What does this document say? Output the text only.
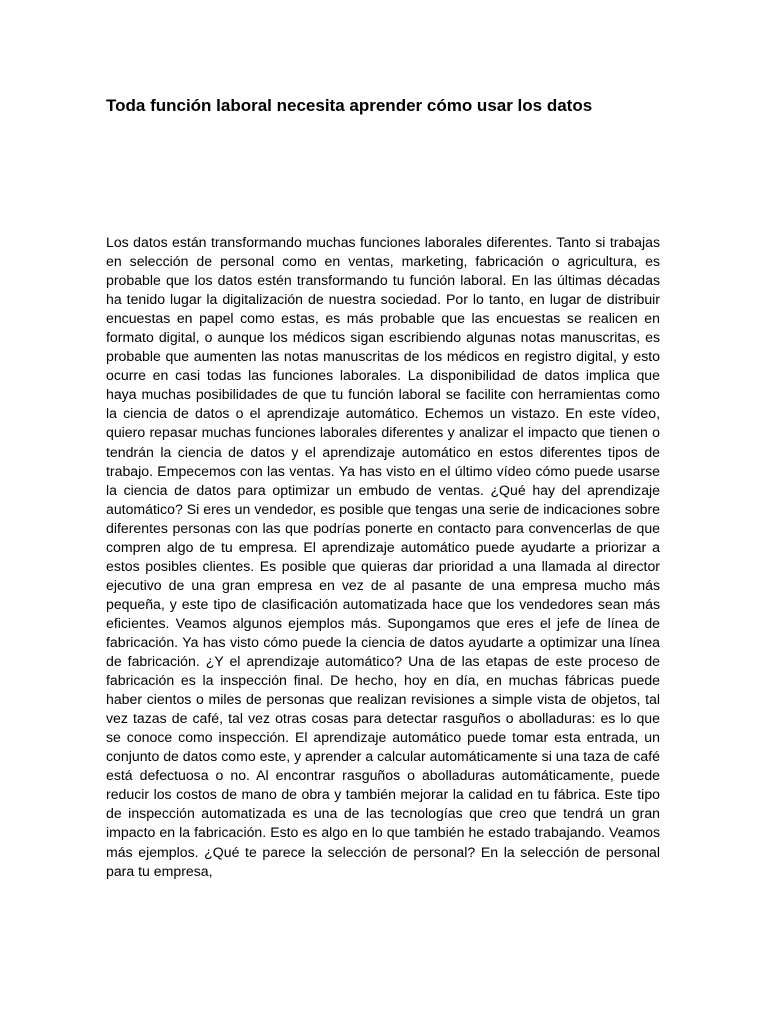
Toda función laboral necesita aprender cómo usar los datos

Los datos están transformando muchas funciones laborales diferentes. Tanto si trabajas en selección de personal como en ventas, marketing, fabricación o agricultura, es probable que los datos estén transformando tu función laboral. En las últimas décadas ha tenido lugar la digitalización de nuestra sociedad. Por lo tanto, en lugar de distribuir encuestas en papel como estas, es más probable que las encuestas se realicen en formato digital, o aunque los médicos sigan escribiendo algunas notas manuscritas, es probable que aumenten las notas manuscritas de los médicos en registro digital, y esto ocurre en casi todas las funciones laborales. La disponibilidad de datos implica que haya muchas posibilidades de que tu función laboral se facilite con herramientas como la ciencia de datos o el aprendizaje automático. Echemos un vistazo. En este vídeo, quiero repasar muchas funciones laborales diferentes y analizar el impacto que tienen o tendrán la ciencia de datos y el aprendizaje automático en estos diferentes tipos de trabajo. Empecemos con las ventas. Ya has visto en el último vídeo cómo puede usarse la ciencia de datos para optimizar un embudo de ventas. ¿Qué hay del aprendizaje automático? Si eres un vendedor, es posible que tengas una serie de indicaciones sobre diferentes personas con las que podrías ponerte en contacto para convencerlas de que compren algo de tu empresa. El aprendizaje automático puede ayudarte a priorizar a estos posibles clientes. Es posible que quieras dar prioridad a una llamada al director ejecutivo de una gran empresa en vez de al pasante de una empresa mucho más pequeña, y este tipo de clasificación automatizada hace que los vendedores sean más eficientes. Veamos algunos ejemplos más. Supongamos que eres el jefe de línea de fabricación. Ya has visto cómo puede la ciencia de datos ayudarte a optimizar una línea de fabricación. ¿Y el aprendizaje automático? Una de las etapas de este proceso de fabricación es la inspección final. De hecho, hoy en día, en muchas fábricas puede haber cientos o miles de personas que realizan revisiones a simple vista de objetos, tal vez tazas de café, tal vez otras cosas para detectar rasguños o abolladuras: es lo que se conoce como inspección. El aprendizaje automático puede tomar esta entrada, un conjunto de datos como este, y aprender a calcular automáticamente si una taza de café está defectuosa o no. Al encontrar rasguños o abolladuras automáticamente, puede reducir los costos de mano de obra y también mejorar la calidad en tu fábrica. Este tipo de inspección automatizada es una de las tecnologías que creo que tendrá un gran impacto en la fabricación. Esto es algo en lo que también he estado trabajando. Veamos más ejemplos. ¿Qué te parece la selección de personal? En la selección de personal para tu empresa,
